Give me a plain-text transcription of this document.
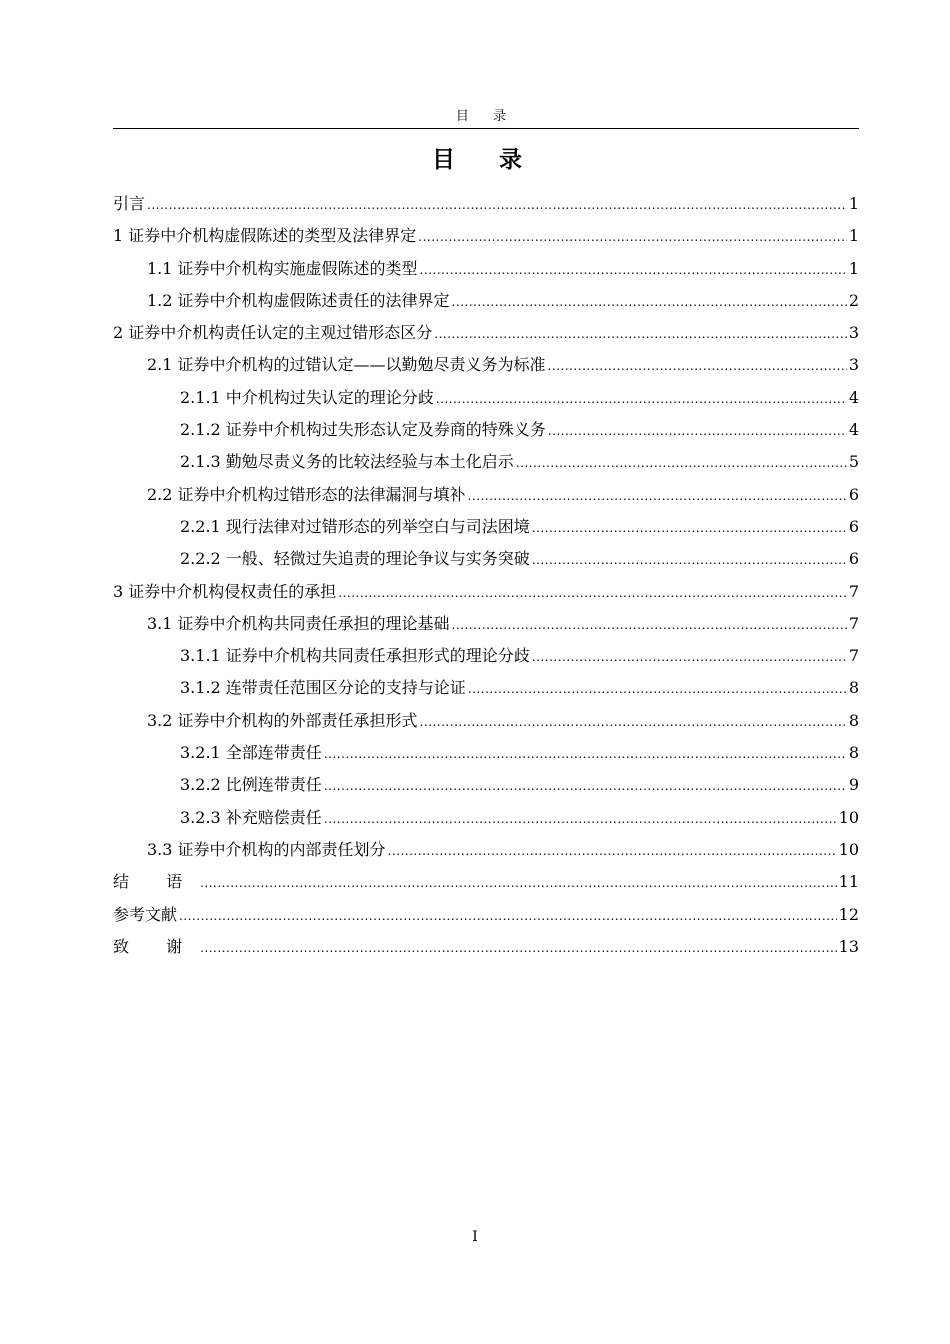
目 录
目 录
引言 .....	1
1 证券中介机构虚假陈述的类型及法律界定 .....	1
1.1 证券中介机构实施虚假陈述的类型 .....	1
1.2 证券中介机构虚假陈述责任的法律界定 .....	2
2 证券中介机构责任认定的主观过错形态区分 .....	3
2.1 证券中介机构的过错认定——以勤勉尽责义务为标准 .....	3
2.1.1 中介机构过失认定的理论分歧 .....	4
2.1.2 证券中介机构过失形态认定及券商的特殊义务 .....	4
2.1.3 勤勉尽责义务的比较法经验与本土化启示 .....	5
2.2 证券中介机构过错形态的法律漏洞与填补 .....	6
2.2.1 现行法律对过错形态的列举空白与司法困境 .....	6
2.2.2 一般、轻微过失追责的理论争议与实务突破 .....	6
3 证券中介机构侵权责任的承担 .....	7
3.1 证券中介机构共同责任承担的理论基础 .....	7
3.1.1 证券中介机构共同责任承担形式的理论分歧 .....	7
3.1.2 连带责任范围区分论的支持与论证 .....	8
3.2 证券中介机构的外部责任承担形式 .....	8
3.2.1 全部连带责任 .....	8
3.2.2 比例连带责任 .....	9
3.2.3 补充赔偿责任 .....	10
3.3 证券中介机构的内部责任划分 .....	10
结 语 .....	11
参考文献 .....	12
致 谢 .....	13
I
